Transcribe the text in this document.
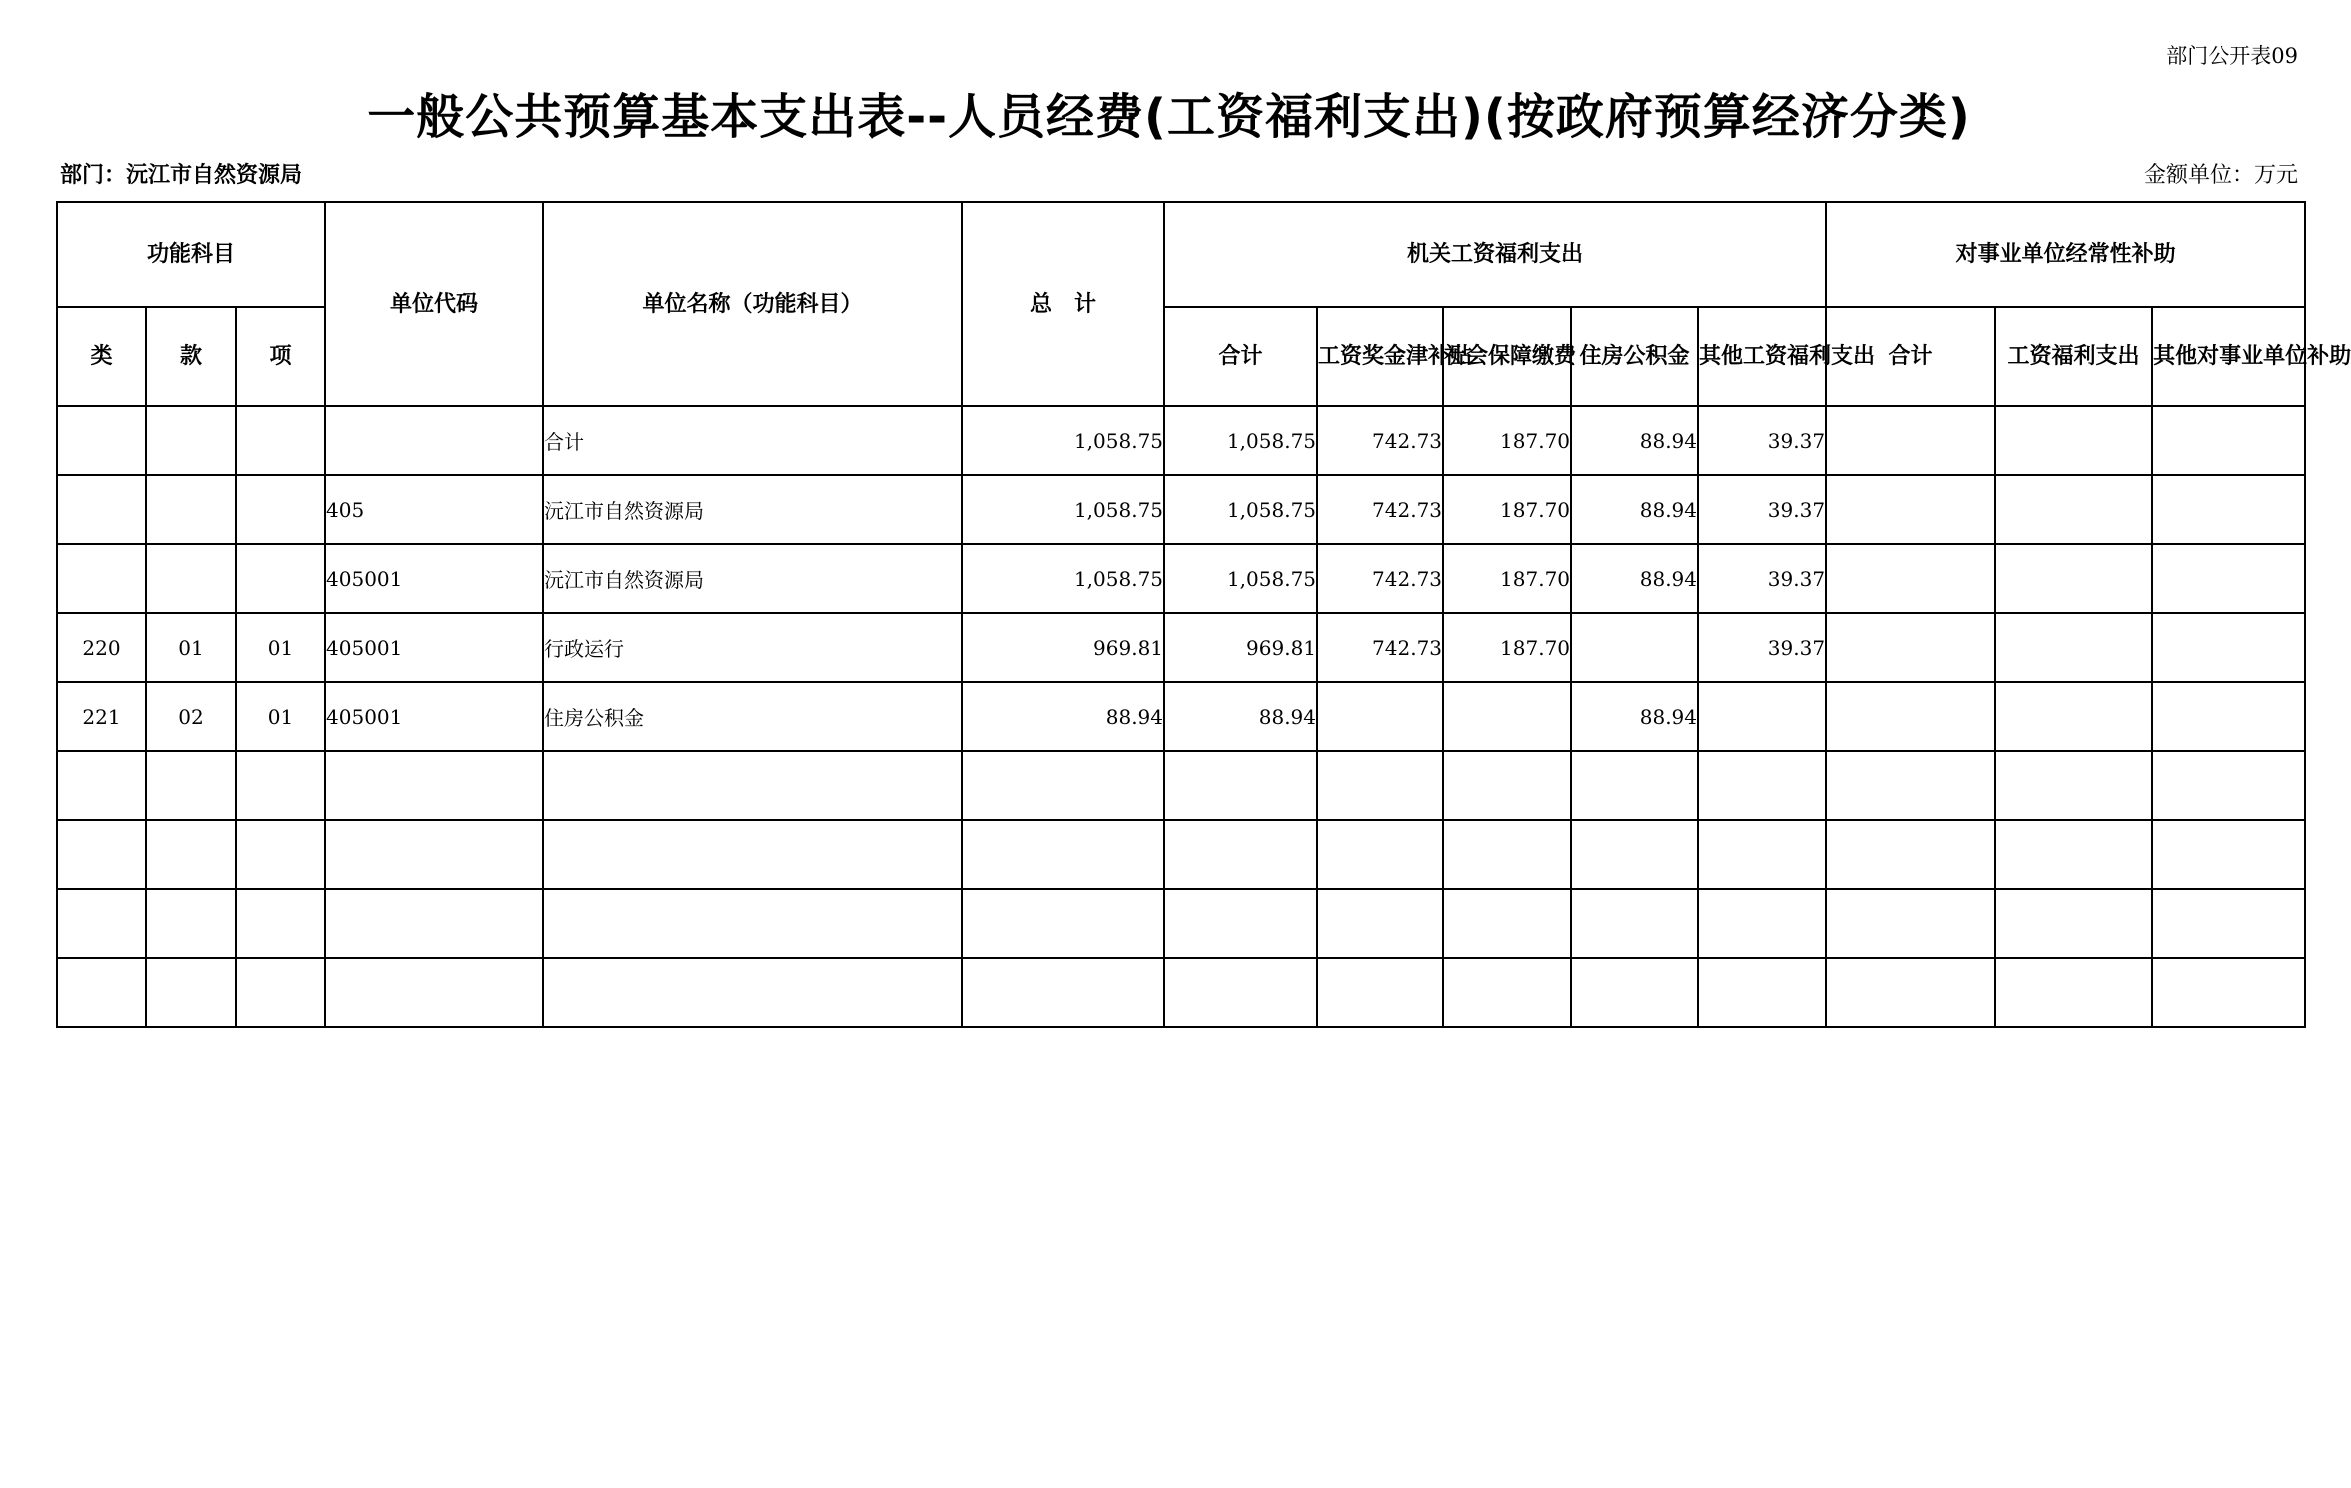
部门公开表09
一般公共预算基本支出表--人员经费(工资福利支出)(按政府预算经济分类)
部门：沅江市自然资源局	金额单位：万元
功能科目			单位代码	单位名称（功能科目）	总　计	机关工资福利支出					对事业单位经常性补助		
类	款	项				合计	工资奖金津补贴	社会保障缴费	住房公积金	其他工资福利支出	合计	工资福利支出	其他对事业单位补助
				合计	1,058.75	1,058.75	742.73	187.70	88.94	39.37			
			405	沅江市自然资源局	1,058.75	1,058.75	742.73	187.70	88.94	39.37			
			405001	沅江市自然资源局	1,058.75	1,058.75	742.73	187.70	88.94	39.37			
220	01	01	405001	行政运行	969.81	969.81	742.73	187.70		39.37			
221	02	01	405001	住房公积金	88.94	88.94			88.94				
